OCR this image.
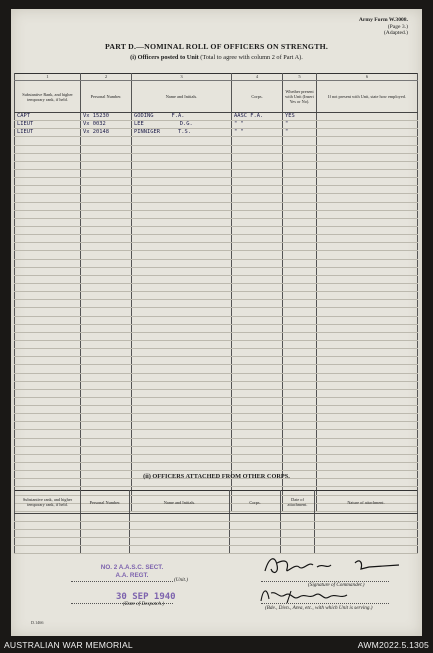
Army Form W.3008.
(Page 3.)
(Adapted.)
PART D.—NOMINAL ROLL OF OFFICERS ON STRENGTH.
(i) Officers posted to Unit (Total to agree with column 2 of Part A).
1	2	3	4	5	6
Substantive Rank, and higher temporary rank, if held.	Personal Number.	Name and Initials.	Corps.	Whether present with Unit (Insert Yes or No).	If not present with Unit, state how employed.
CAPT	Vx 15230	GODING F.A.	AASC F.A.	YES	
LIEUT	Vx 0032	LEE D.G.	" "	"	
LIEUT	Vx 20148	PINNIGER T.S.	" "	"	

(ii) OFFICERS ATTACHED FROM OTHER CORPS.
Substantive rank, and higher temporary rank, if held.	Personal Number.	Name and Initials.	Corps.	Date of attachment.	Nature of attachment.

NO. 2 A.A.S.C. SECT.
A.A. REGT.
(Unit.)
30 SEP 1940
(Date of Despatch.)
(Signature of Commander.)
(Bde., Divn., Area, etc., with which Unit is serving.)
D.1466
AUSTRALIAN WAR MEMORIAL	AWM2022.5.1305
